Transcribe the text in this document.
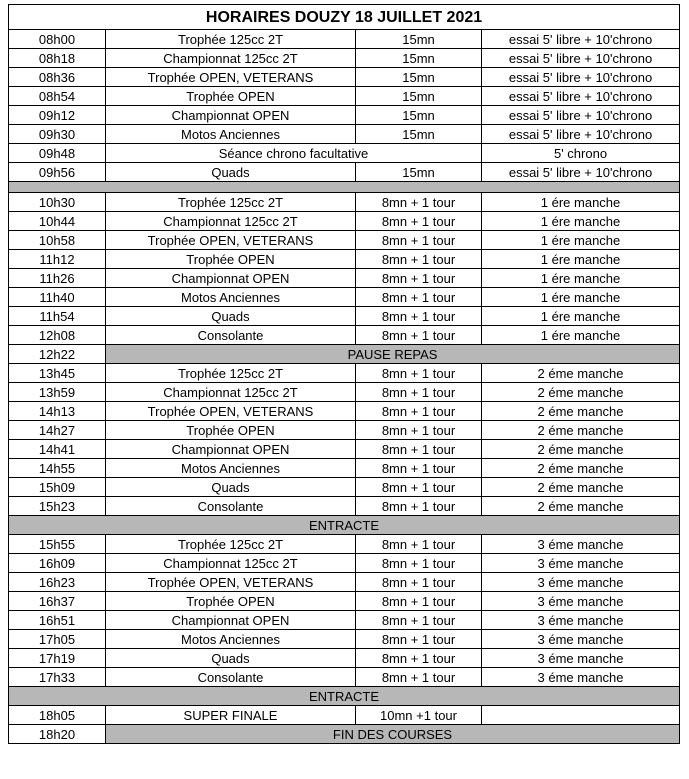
HORAIRES DOUZY 18 JUILLET 2021			
08h00	Trophée 125cc 2T	15mn	essai 5' libre + 10'chrono
08h18	Championnat 125cc 2T	15mn	essai 5' libre + 10'chrono
08h36	Trophée OPEN, VETERANS	15mn	essai 5' libre + 10'chrono
08h54	Trophée OPEN	15mn	essai 5' libre + 10'chrono
09h12	Championnat OPEN	15mn	essai 5' libre + 10'chrono
09h30	Motos Anciennes	15mn	essai 5' libre + 10'chrono
09h48	Séance chrono facultative		5' chrono
09h56	Quads	15mn	essai 5' libre + 10'chrono

10h30	Trophée 125cc 2T	8mn + 1 tour	1 ére manche
10h44	Championnat 125cc 2T	8mn + 1 tour	1 ére manche
10h58	Trophée OPEN, VETERANS	8mn + 1 tour	1 ére manche
11h12	Trophée OPEN	8mn + 1 tour	1 ére manche
11h26	Championnat OPEN	8mn + 1 tour	1 ére manche
11h40	Motos Anciennes	8mn + 1 tour	1 ére manche
11h54	Quads	8mn + 1 tour	1 ére manche
12h08	Consolante	8mn + 1 tour	1 ére manche
12h22	PAUSE REPAS		
13h45	Trophée 125cc 2T	8mn + 1 tour	2 éme manche
13h59	Championnat 125cc 2T	8mn + 1 tour	2 éme manche
14h13	Trophée OPEN, VETERANS	8mn + 1 tour	2 éme manche
14h27	Trophée OPEN	8mn + 1 tour	2 éme manche
14h41	Championnat OPEN	8mn + 1 tour	2 éme manche
14h55	Motos Anciennes	8mn + 1 tour	2 éme manche
15h09	Quads	8mn + 1 tour	2 éme manche
15h23	Consolante	8mn + 1 tour	2 éme manche
ENTRACTE			
15h55	Trophée 125cc 2T	8mn + 1 tour	3 éme manche
16h09	Championnat 125cc 2T	8mn + 1 tour	3 éme manche
16h23	Trophée OPEN, VETERANS	8mn + 1 tour	3 éme manche
16h37	Trophée OPEN	8mn + 1 tour	3 éme manche
16h51	Championnat OPEN	8mn + 1 tour	3 éme manche
17h05	Motos Anciennes	8mn + 1 tour	3 éme manche
17h19	Quads	8mn + 1 tour	3 éme manche
17h33	Consolante	8mn + 1 tour	3 éme manche
ENTRACTE			
18h05	SUPER FINALE	10mn +1 tour	
18h20	FIN DES COURSES		
